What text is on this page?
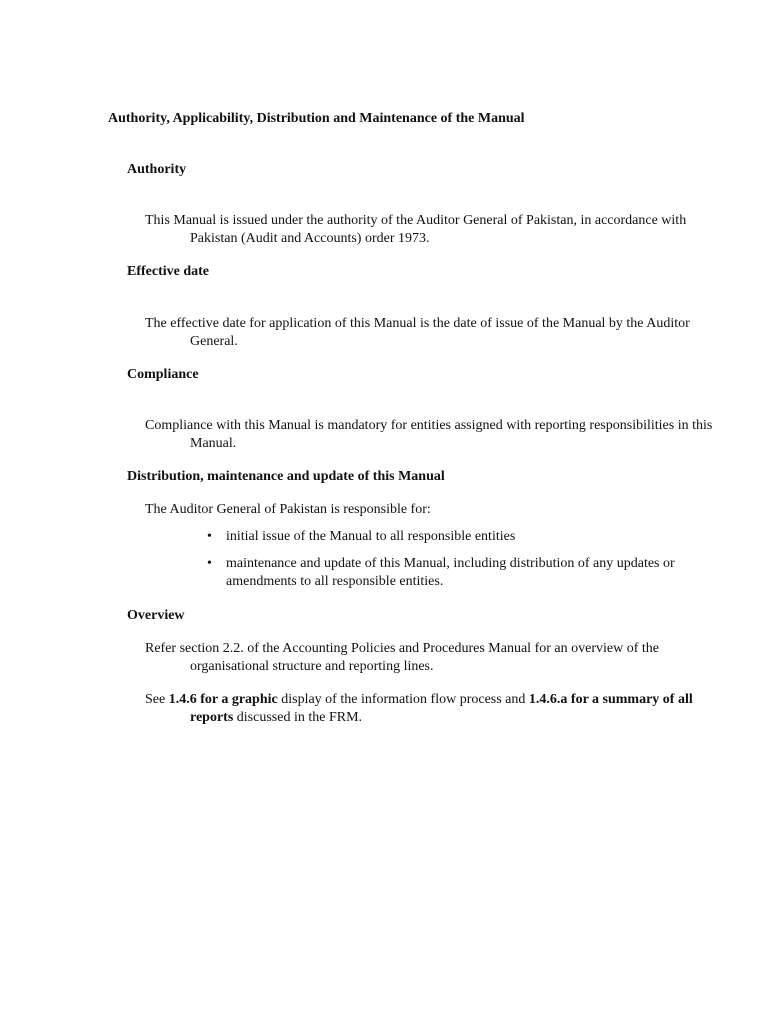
Authority, Applicability, Distribution and Maintenance of the Manual
Authority
This Manual is issued under the authority of the Auditor General of Pakistan, in accordance with Pakistan (Audit and Accounts) order 1973.
Effective date
The effective date for application of this Manual is the date of issue of the Manual by the Auditor General.
Compliance
Compliance with this Manual is mandatory for entities assigned with reporting responsibilities in this Manual.
Distribution, maintenance and update of this Manual
The Auditor General of Pakistan is responsible for:
•	initial issue of the Manual to all responsible entities
•	maintenance and update of this Manual, including distribution of any updates or amendments to all responsible entities.
Overview
Refer section 2.2. of the Accounting Policies and Procedures Manual for an overview of the organisational structure and reporting lines.
See 1.4.6 for a graphic display of the information flow process and 1.4.6.a for a summary of all reports discussed in the FRM.
